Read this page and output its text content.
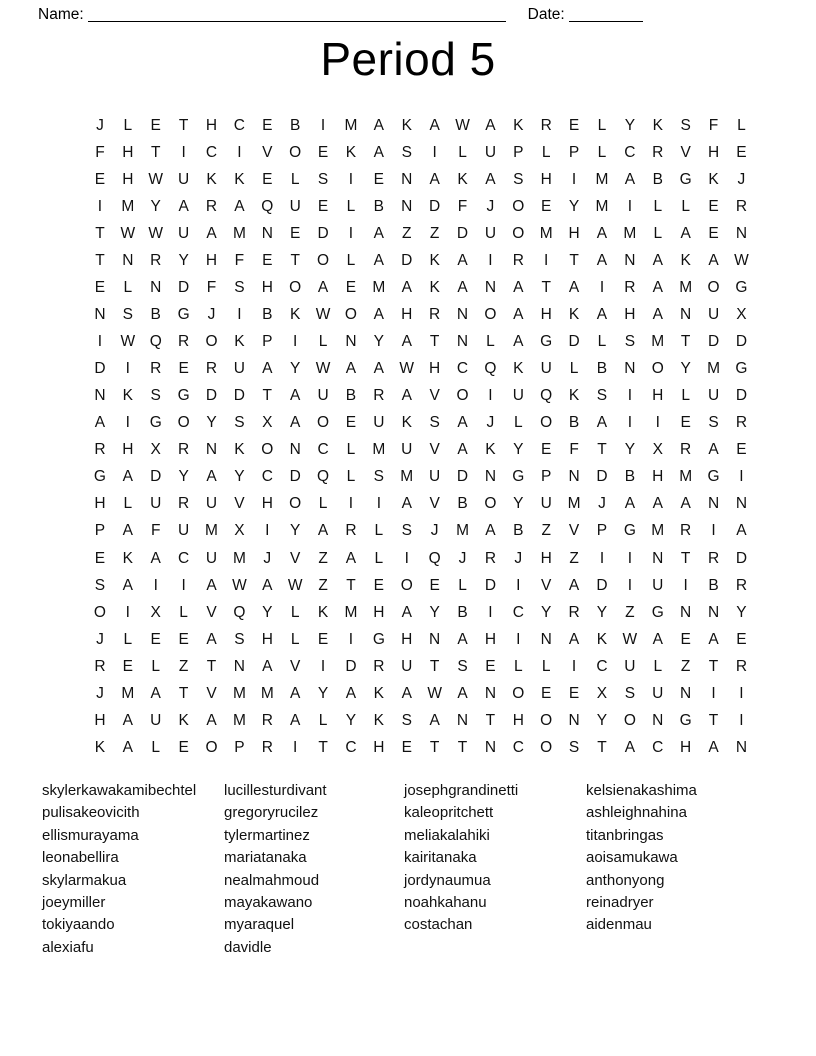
Name:	Date:
Period 5
J	L	E	T	H	C	E	B	I	M	A	K	A W A	K	R	E	L	Y	K	S	F	L
F	H	T	I	C	I	V	O	E	K	A	S	I	L	U	P	L	P	L	C	R	V	H	E
E	H W U	K	K	E	L	S	I	E	N	A	K	A	S	H	I	M	A	B	G	K	J
I	M	Y	A	R	A	Q	U	E	L	B	N	D	F	J	O	E	Y	M	I	L	L	E	R
T	W W U	A	M	N	E	D	I	A	Z	Z	D	U	O M	H	A	M	L	A	E	N
T	N	R	Y	H	F	E	T	O	L	A	D	K	A	I	R	I	T	A	N	A	K	A W
E	L	N	D	F	S	H	O	A	E	M	A	K	A	N	A	T	A	I	R	A	M O	G
N	S	B	G	J	I	B	K W O	A	H	R	N	O	A	H	K	A	H	A	N	U	X
I	W Q	R	O	K	P	I	L	N	Y	A	T	N	L	A	G	D	L	S	M	T	D	D
D	I	R	E	R	U	A	Y W A	A W H	C	Q	K	U	L	B	N	O	Y	M G
N	K	S	G	D	D	T	A	U	B	R	A	V	O	I	U	Q	K	S	I	H	L	U	D
A	I	G	O	Y	S	X	A	O	E	U	K	S	A	J	L	O	B	A	I	I	E	S	R
R	H	X	R	N	K	O	N	C	L	M	U	V	A	K	Y	E	F	T	Y	X	R	A	E
G	A	D	Y	A	Y	C	D	Q	L	S	M	U	D	N	G	P	N	D	B	H	M G	I
H	L	U	R	U	V	H	O	L	I	I	A	V	B	O	Y	U	M	J	A	A	A	N	N
P	A	F	U	M	X	I	Y	A	R	L	S	J	M	A	B	Z	V	P	G M	R	I	A
E	K	A	C	U	M	J	V	Z	A	L	I	Q	J	R	J	H	Z	I	I	N	T	R	D
S	A	I	I	A W A W	Z	T	E	O	E	L	D	I	V	A	D	I	U	I	B	R
O	I	X	L	V	Q	Y	L	K	M	H	A	Y	B	I	C	Y	R	Y	Z	G	N	N	Y
J	L	E	E	A	S	H	L	E	I	G	H	N	A	H	I	N	A	K W A	E	A	E
R	E	L	Z	T	N	A	V	I	D	R	U	T	S	E	L	L	I	C	U	L	Z	T	R
J	M	A	T	V	M M	A	Y	A	K	A W A	N	O	E	E	X	S	U	N	I	I
H	A	U	K	A	M	R	A	L	Y	K	S	A	N	T	H	O	N	Y	O	N	G	T	I
K	A	L	E	O	P	R	I	T	C	H	E	T	T	N	C	O	S	T	A	C	H	A	N
skylerkawakamibechtel
pulisakeovicith
ellismurayama
leonabellira
skylarmakua
joeymiller
tokiyaando
alexiafu
lucillesturdivant
gregoryrucilez
tylermartinez
mariatanaka
nealmahmoud
mayakawano
myaraquel
davidle
josephgrandinetti
kaleopritchett
meliakalahiki
kairitanaka
jordynaumua
noahkahanu
costachan
kelsienakashima
ashleighnahina
titanbringas
aoisamukawa
anthonyong
reinadryer
aidenmau
